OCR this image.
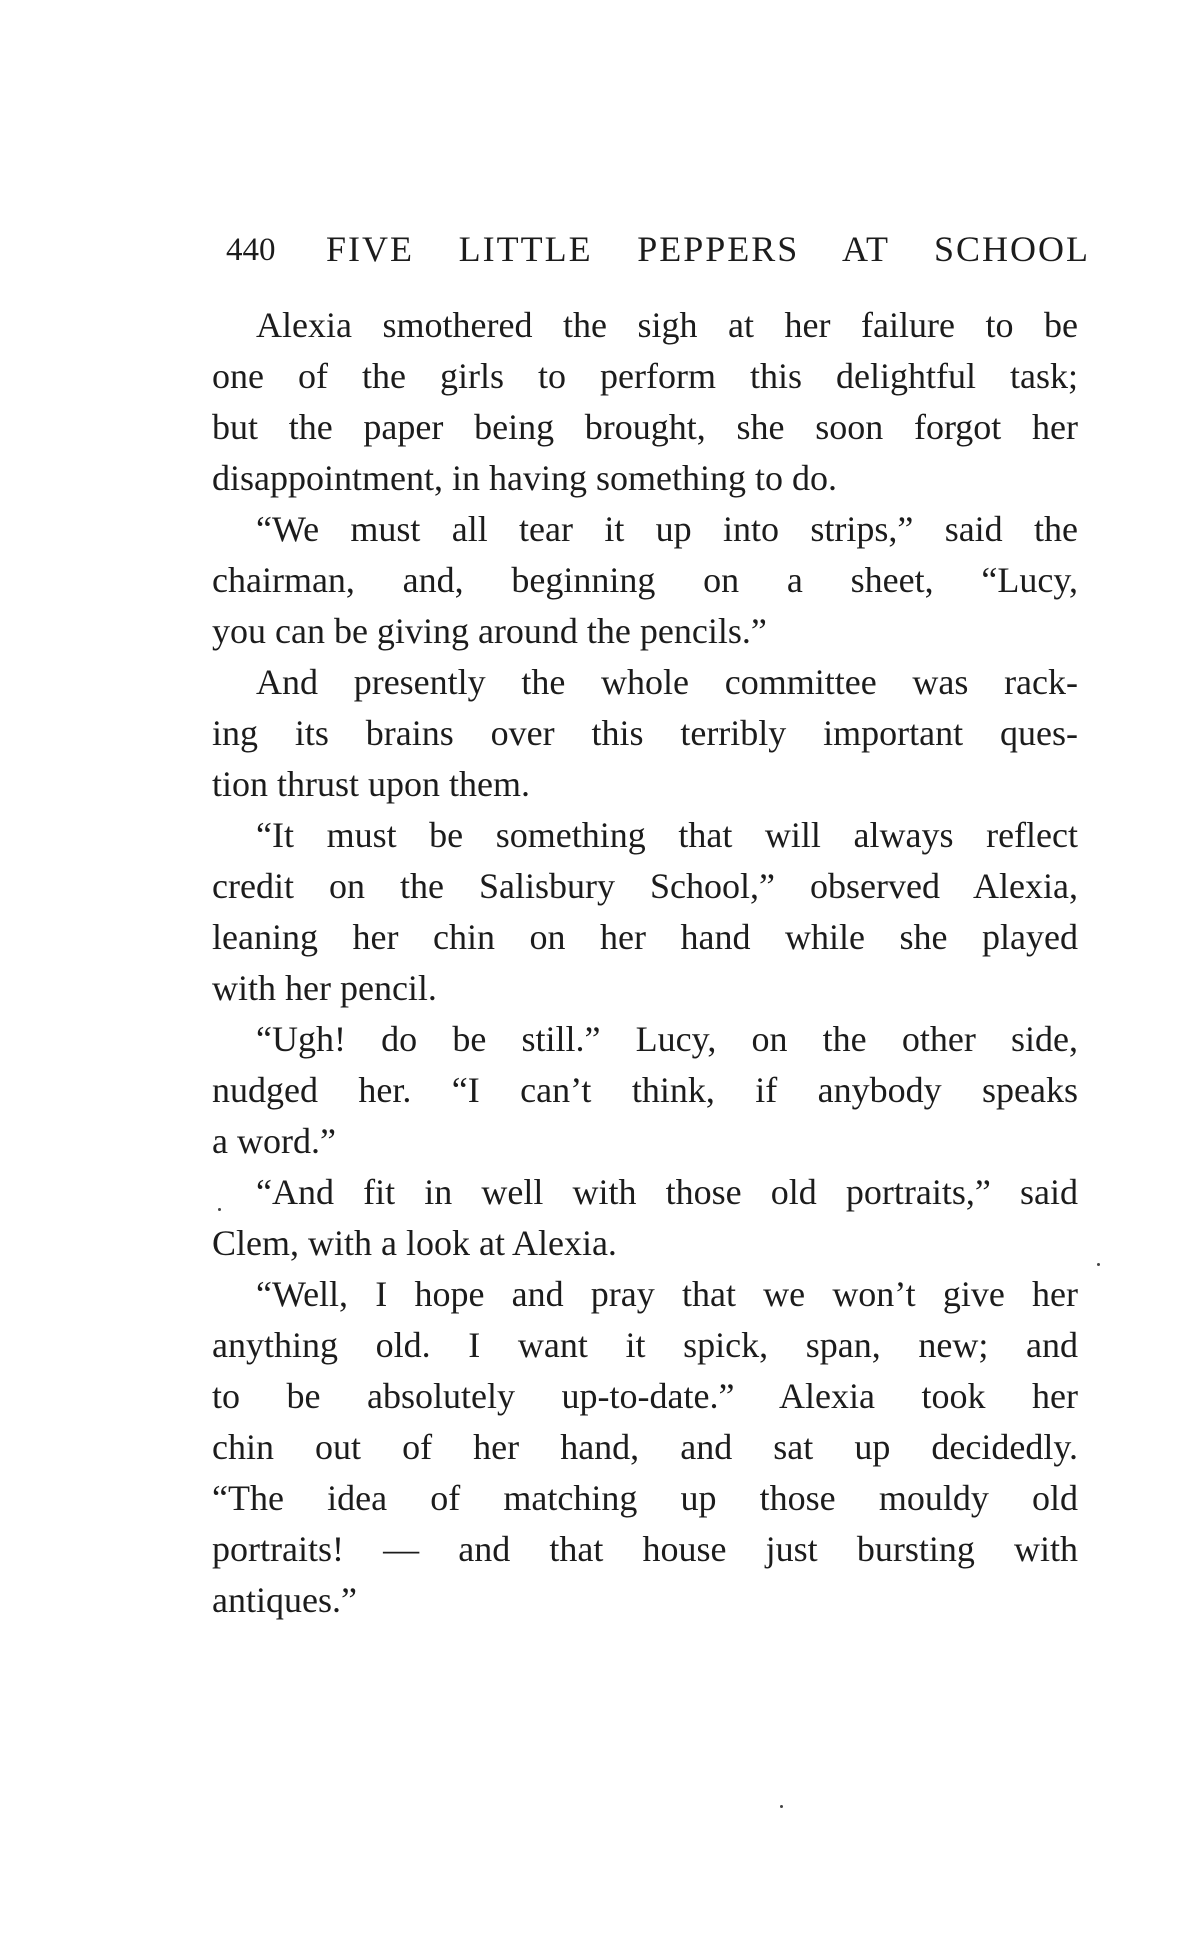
440 FIVE LITTLE PEPPERS AT SCHOOL
Alexia smothered the sigh at her failure to be
one of the girls to perform this delightful task;
but the paper being brought, she soon forgot her
disappointment, in having something to do.
“We must all tear it up into strips,” said the
chairman, and, beginning on a sheet, “Lucy,
you can be giving around the pencils.”
And presently the whole committee was rack-
ing its brains over this terribly important ques-
tion thrust upon them.
“It must be something that will always reflect
credit on the Salisbury School,” observed Alexia,
leaning her chin on her hand while she played
with her pencil.
“Ugh! do be still.” Lucy, on the other side,
nudged her. “I can’t think, if anybody speaks
a word.”
“And fit in well with those old portraits,” said
Clem, with a look at Alexia.
“Well, I hope and pray that we won’t give her
anything old. I want it spick, span, new; and
to be absolutely up-to-date.” Alexia took her
chin out of her hand, and sat up decidedly.
“The idea of matching up those mouldy old
portraits! — and that house just bursting with
antiques.”
